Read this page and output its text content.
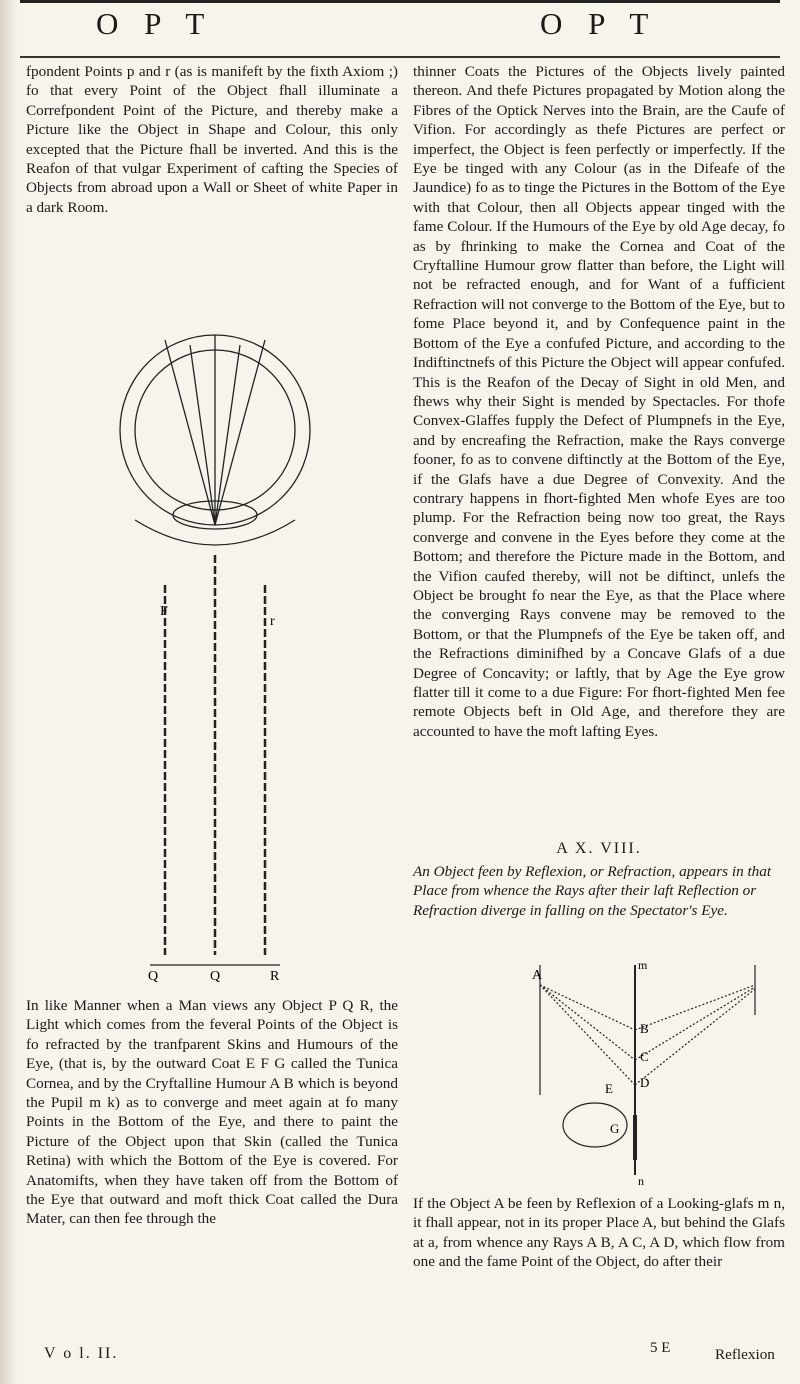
O P T	O P T

fpondent Points p and r (as is manifeft by the fixth Axiom ;) fo that every Point of the Object fhall illuminate a Correfpondent Point of the Picture, and thereby make a Picture like the Object in Shape and Colour, this only excepted that the Picture fhall be inverted. And this is the Reafon of that vulgar Experiment of cafting the Species of Objects from abroad upon a Wall or Sheet of white Paper in a dark Room.

F
r
Q	Q	R

In like Manner when a Man views any Object P Q R, the Light which comes from the feveral Points of the Object is fo refracted by the tranfparent Skins and Humours of the Eye, (that is, by the outward Coat E F G called the Tunica Cornea, and by the Cryftalline Humour A B which is beyond the Pupil m k) as to converge and meet again at fo many Points in the Bottom of the Eye, and there to paint the Picture of the Object upon that Skin (called the Tunica Retina) with which the Bottom of the Eye is covered. For Anatomifts, when they have taken off from the Bottom of the Eye that outward and moft thick Coat called the Dura Mater, can then fee through the

thinner Coats the Pictures of the Objects lively painted thereon. And thefe Pictures propagated by Motion along the Fibres of the Optick Nerves into the Brain, are the Caufe of Vifion. For accordingly as thefe Pictures are perfect or imperfect, the Object is feen perfectly or imperfectly. If the Eye be tinged with any Colour (as in the Difeafe of the Jaundice) fo as to tinge the Pictures in the Bottom of the Eye with that Colour, then all Objects appear tinged with the fame Colour. If the Humours of the Eye by old Age decay, fo as by fhrinking to make the Cornea and Coat of the Cryftalline Humour grow flatter than before, the Light will not be refracted enough, and for Want of a fufficient Refraction will not converge to the Bottom of the Eye, but to fome Place beyond it, and by Confequence paint in the Bottom of the Eye a confufed Picture, and according to the Indiftinctnefs of this Picture the Object will appear confufed. This is the Reafon of the Decay of Sight in old Men, and fhews why their Sight is mended by Spectacles. For thofe Convex-Glaffes fupply the Defect of Plumpnefs in the Eye, and by encreafing the Refraction, make the Rays converge fooner, fo as to convene diftinctly at the Bottom of the Eye, if the Glafs have a due Degree of Convexity. And the contrary happens in fhort-fighted Men whofe Eyes are too plump. For the Refraction being now too great, the Rays converge and convene in the Eyes before they come at the Bottom; and therefore the Picture made in the Bottom, and the Vifion caufed thereby, will not be diftinct, unlefs the Object be brought fo near the Eye, as that the Place where the converging Rays convene may be removed to the Bottom, or that the Plumpnefs of the Eye be taken off, and the Refractions diminifhed by a Concave Glafs of a due Degree of Concavity; or laftly, that by Age the Eye grow flatter till it come to a due Figure: For fhort-fighted Men fee remote Objects beft in Old Age, and therefore they are accounted to have the moft lafting Eyes.

A X. VIII.
An Object feen by Reflexion, or Refraction, appears in that Place from whence the Rays after their laft Reflection or Refraction diverge in falling on the Spectator's Eye.
A
m
B
C
D
E
G
n

If the Object A be feen by Reflexion of a Looking-glafs m n, it fhall appear, not in its proper Place A, but behind the Glafs at a, from whence any Rays A B, A C, A D, which flow from one and the fame Point of the Object, do after their

V o l. II.	5 E	Reflexion
